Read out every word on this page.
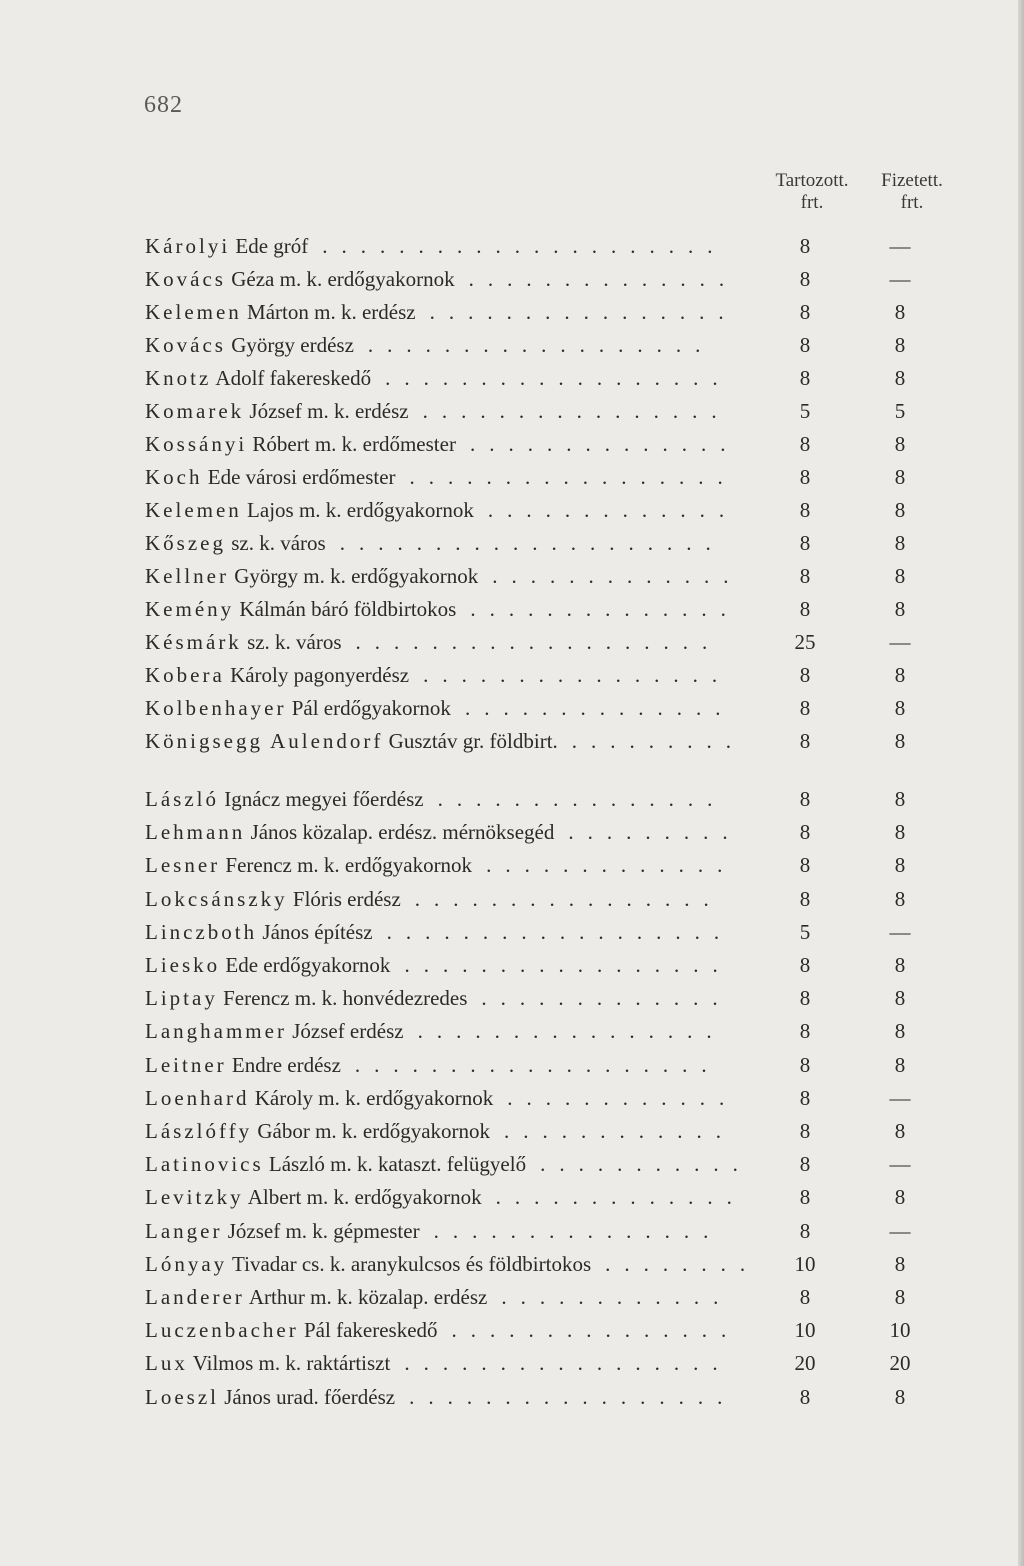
682
Tartozott.
frt.
Fizetett.
frt.
Károlyi Ede gróf .....................	8	—
Kovács Géza m. k. erdőgyakornok ..............	8	—
Kelemen Márton m. k. erdész ................	8	8
Kovács György erdész ..................	8	8
Knotz Adolf fakereskedő ..................	8	8
Komarek József m. k. erdész ................	5	5
Kossányi Róbert m. k. erdőmester ..............	8	8
Koch Ede városi erdőmester .................	8	8
Kelemen Lajos m. k. erdőgyakornok .............	8	8
Kőszeg sz. k. város ....................	8	8
Kellner György m. k. erdőgyakornok .............	8	8
Kemény Kálmán báró földbirtokos ..............	8	8
Késmárk sz. k. város ...................	25	—
Kobera Károly pagonyerdész ................	8	8
Kolbenhayer Pál erdőgyakornok ..............	8	8
Königsegg Aulendorf Gusztáv gr. földbirt. .........	8	8
László Ignácz megyei főerdész ...............	8	8
Lehmann János közalap. erdész. mérnöksegéd .........	8	8
Lesner Ferencz m. k. erdőgyakornok .............	8	8
Lokcsánszky Flóris erdész ................	8	8
Linczboth János építész ..................	5	—
Liesko Ede erdőgyakornok .................	8	8
Liptay Ferencz m. k. honvédezredes .............	8	8
Langhammer József erdész ................	8	8
Leitner Endre erdész ...................	8	8
Loenhard Károly m. k. erdőgyakornok ............	8	—
Lászlóffy Gábor m. k. erdőgyakornok ............	8	8
Latinovics László m. k. kataszt. felügyelő ...........	8	—
Levitzky Albert m. k. erdőgyakornok .............	8	8
Langer József m. k. gépmester ...............	8	—
Lónyay Tivadar cs. k. aranykulcsos és földbirtokos ........	10	8
Landerer Arthur m. k. közalap. erdész ............	8	8
Luczenbacher Pál fakereskedő ...............	10	10
Lux Vilmos m. k. raktártiszt .................	20	20
Loeszl János urad. főerdész .................	8	8
